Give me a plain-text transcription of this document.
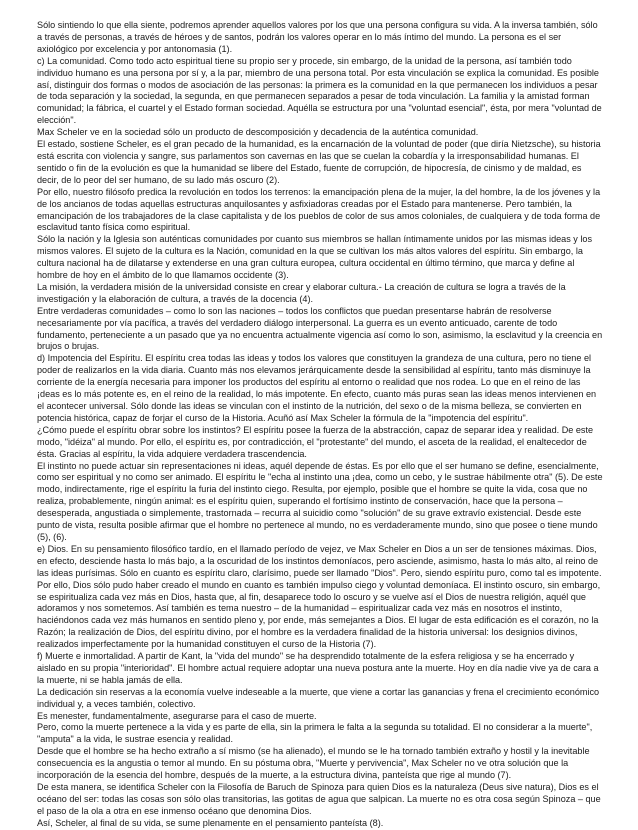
Sólo sintiendo lo que ella siente, podremos aprender aquellos valores por los que una persona configura su vida. A la inversa también, sólo a través de personas, a través de héroes y de santos, podrán los valores operar en lo más íntimo del mundo. La persona es el ser axiológico por excelencia y por antonomasia (1).

c) La comunidad. Como todo acto espiritual tiene su propio ser y procede, sin embargo, de la unidad de la persona, así también todo individuo humano es una persona por sí y, a la par, miembro de una persona total. Por esta vinculación se explica la comunidad. Es posible así, distinguir dos formas o modos de asociación de las personas: la primera es la comunidad en la que permanecen los individuos a pesar de toda separación y la sociedad, la segunda, en que permanecen separados a pesar de toda vinculación. La familia y la amistad forman comunidad; la fábrica, el cuartel y el Estado forman sociedad. Aquélla se estructura por una "voluntad esencial", ésta, por mera "voluntad de elección".

Max Scheler ve en la sociedad sólo un producto de descomposición y decadencia de la auténtica comunidad.

El estado, sostiene Scheler, es el gran pecado de la humanidad, es la encarnación de la voluntad de poder (que diría Nietzsche), su historia está escrita con violencia y sangre, sus parlamentos son cavernas en las que se cuelan la cobardía y la irresponsabilidad humanas. El sentido o fin de la evolución es que la humanidad se libere del Estado, fuente de corrupción, de hipocresía, de cinismo y de maldad, es decir, de lo peor del ser humano, de su lado más oscuro (2).

Por ello, nuestro filósofo predica la revolución en todos los terrenos: la emancipación plena de la mujer, la del hombre, la de los jóvenes y la de los ancianos de todas aquellas estructuras anquilosantes y asfixiadoras creadas por el Estado para mantenerse. Pero también, la emancipación de los trabajadores de la clase capitalista y de los pueblos de color de sus amos coloniales, de cualquiera y de toda forma de esclavitud tanto física como espiritual.

Sólo la nación y la Iglesia son auténticas comunidades por cuanto sus miembros se hallan íntimamente unidos por las mismas ideas y los mismos valores. El sujeto de la cultura es la Nación, comunidad en la que se cultivan los más altos valores del espíritu. Sin embargo, la cultura nacional ha de dilatarse y extenderse en una gran cultura europea, cultura occidental en último término, que marca y define al hombre de hoy en el ámbito de lo que llamamos occidente (3).

La misión, la verdadera misión de la universidad consiste en crear y elaborar cultura.- La creación de cultura se logra a través de la investigación y la elaboración de cultura, a través de la docencia (4).

Entre verdaderas comunidades – como lo son las naciones – todos los conflictos que puedan presentarse habrán de resolverse necesariamente por vía pacífica, a través del verdadero diálogo interpersonal. La guerra es un evento anticuado, carente de todo fundamento, perteneciente a un pasado que ya no encuentra actualmente vigencia así como lo son, asimismo, la esclavitud y la creencia en brujos o brujas.

d) Impotencia del Espíritu. El espíritu crea todas las ideas y todos los valores que constituyen la grandeza de una cultura, pero no tiene el poder de realizarlos en la vida diaria. Cuanto más nos elevamos jerárquicamente desde la sensibilidad al espíritu, tanto más disminuye la corriente de la energía necesaria para imponer los productos del espíritu al entorno o realidad que nos rodea. Lo que en el reino de las ¡deas es lo más potente es, en el reino de la realidad, lo más impotente. En efecto, cuanto más puras sean las ideas menos intervienen en el acontecer universal. Sólo donde las ideas se vinculan con el instinto de la nutrición, del sexo o de la misma belleza, se convierten en potencia histórica, capaz de forjar el curso de la Historia. Acuñó así Max Scheler la fórmula de la "impotencia del espíritu".

¿Cómo puede el espíritu obrar sobre los instintos? El espíritu posee la fuerza de la abstracción, capaz de separar idea y realidad. De este modo, "idéiza" al mundo. Por ello, el espíritu es, por contradicción, el "protestante" del mundo, el asceta de la realidad, el enaltecedor de ésta. Gracias al espíritu, la vida adquiere verdadera trascendencia.

El instinto no puede actuar sin representaciones ni ideas, aquél depende de éstas. Es por ello que el ser humano se define, esencialmente, como ser espiritual y no como ser animado. El espíritu le "echa al instinto una ¡dea, como un cebo, y le sustrae hábilmente otra" (5). De este modo, indirectamente, rige el espíritu la furia del instinto ciego. Resulta, por ejemplo, posible que el hombre se quite la vida, cosa que no realiza, probablemente, ningún animal: es el espíritu quien, superando el fortísimo instinto de conservación, hace que la persona – desesperada, angustiada o simplemente, trastornada – recurra al suicidio como "solución" de su grave extravío existencial. Desde este punto de vista, resulta posible afirmar que el hombre no pertenece al mundo, no es verdaderamente mundo, sino que posee o tiene mundo (5), (6).

e) Dios. En su pensamiento filosófico tardío, en el llamado período de vejez, ve Max Scheler en Dios a un ser de tensiones máximas. Dios, en efecto, desciende hasta lo más bajo, a la oscuridad de los instintos demoníacos, pero asciende, asimismo, hasta lo más alto, al reino de las ideas purísimas. Sólo en cuanto es espíritu claro, clarísimo, puede ser llamado "Dios". Pero, siendo espíritu puro, como tal es impotente. Por ello, Dios sólo pudo haber creado el mundo en cuanto es también impulso ciego y voluntad demoníaca. El instinto oscuro, sin embargo, se espiritualiza cada vez más en Dios, hasta que, al fin, desaparece todo lo oscuro y se vuelve así el Dios de nuestra religión, aquél que adoramos y nos sometemos. Así también es tema nuestro – de la humanidad – espiritualizar cada vez más en nosotros el instinto, haciéndonos cada vez más humanos en sentido pleno y, por ende, más semejantes a Dios. El lugar de esta edificación es el corazón, no la Razón; la realización de Dios, del espíritu divino, por el hombre es la verdadera finalidad de la historia universal: los designios divinos, realizados imperfectamente por la humanidad constituyen el curso de la Historia (7).

f) Muerte e inmortalidad. A partir de Kant, la "vida del mundo" se ha desprendido totalmente de la esfera religiosa y se ha encerrado y aislado en su propia "interioridad". El hombre actual requiere adoptar una nueva postura ante la muerte. Hoy en día nadie vive ya de cara a la muerte, ni se habla jamás de ella.

La dedicación sin reservas a la economía vuelve indeseable a la muerte, que viene a cortar las ganancias y frena el crecimiento económico individual y, a veces también, colectivo.

Es menester, fundamentalmente, asegurarse para el caso de muerte.

Pero, como la muerte pertenece a la vida y es parte de ella, sin la primera le falta a la segunda su totalidad. El no considerar a la muerte", "amputa" a la vida, le sustrae esencia y realidad.

Desde que el hombre se ha hecho extraño a sí mismo (se ha alienado), el mundo se le ha tornado también extraño y hostil y la inevitable consecuencia es la angustia o temor al mundo. En su póstuma obra, "Muerte y pervivencia", Max Scheler no ve otra solución que la incorporación de la esencia del hombre, después de la muerte, a la estructura divina, panteísta que rige al mundo (7).

De esta manera, se identifica Scheler con la Filosofía de Baruch de Spinoza para quien Dios es la naturaleza (Deus sive natura), Dios es el océano del ser: todas las cosas son sólo olas transitorias, las gotitas de agua que salpican. La muerte no es otra cosa según Spinoza – que el paso de la ola a otra en ese inmenso océano que denomina Dios.

Así, Scheler, al final de su vida, se sume plenamente en el pensamiento panteísta (8).
